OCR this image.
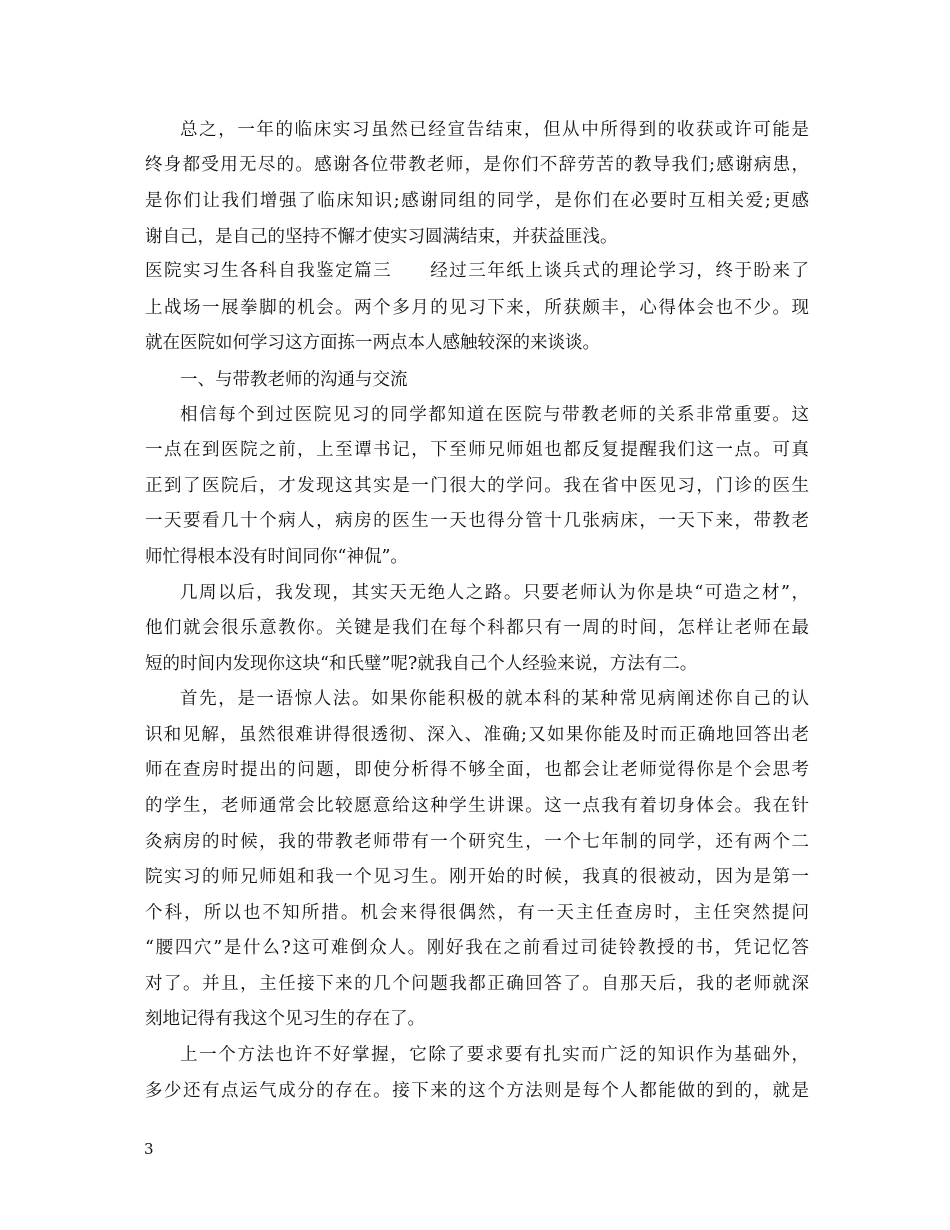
总之，一年的临床实习虽然已经宣告结束，但从中所得到的收获或许可能是
终身都受用无尽的。感谢各位带教老师，是你们不辞劳苦的教导我们;感谢病患，
是你们让我们增强了临床知识;感谢同组的同学，是你们在必要时互相关爱;更感
谢自己，是自己的坚持不懈才使实习圆满结束，并获益匪浅。
医院实习生各科自我鉴定篇三　　经过三年纸上谈兵式的理论学习，终于盼来了
上战场一展拳脚的机会。两个多月的见习下来，所获颇丰，心得体会也不少。现
就在医院如何学习这方面拣一两点本人感触较深的来谈谈。
一、与带教老师的沟通与交流
相信每个到过医院见习的同学都知道在医院与带教老师的关系非常重要。这
一点在到医院之前，上至谭书记，下至师兄师姐也都反复提醒我们这一点。可真
正到了医院后，才发现这其实是一门很大的学问。我在省中医见习，门诊的医生
一天要看几十个病人，病房的医生一天也得分管十几张病床，一天下来，带教老
师忙得根本没有时间同你“神侃”。
几周以后，我发现，其实天无绝人之路。只要老师认为你是块“可造之材”，
他们就会很乐意教你。关键是我们在每个科都只有一周的时间，怎样让老师在最
短的时间内发现你这块“和氏璧”呢?就我自己个人经验来说，方法有二。
首先，是一语惊人法。如果你能积极的就本科的某种常见病阐述你自己的认
识和见解，虽然很难讲得很透彻、深入、准确;又如果你能及时而正确地回答出老
师在查房时提出的问题，即使分析得不够全面，也都会让老师觉得你是个会思考
的学生，老师通常会比较愿意给这种学生讲课。这一点我有着切身体会。我在针
灸病房的时候，我的带教老师带有一个研究生，一个七年制的同学，还有两个二
院实习的师兄师姐和我一个见习生。刚开始的时候，我真的很被动，因为是第一
个科，所以也不知所措。机会来得很偶然，有一天主任查房时，主任突然提问
“腰四穴”是什么?这可难倒众人。刚好我在之前看过司徒铃教授的书，凭记忆答
对了。并且，主任接下来的几个问题我都正确回答了。自那天后，我的老师就深
刻地记得有我这个见习生的存在了。
上一个方法也许不好掌握，它除了要求要有扎实而广泛的知识作为基础外，
多少还有点运气成分的存在。接下来的这个方法则是每个人都能做的到的，就是
3
